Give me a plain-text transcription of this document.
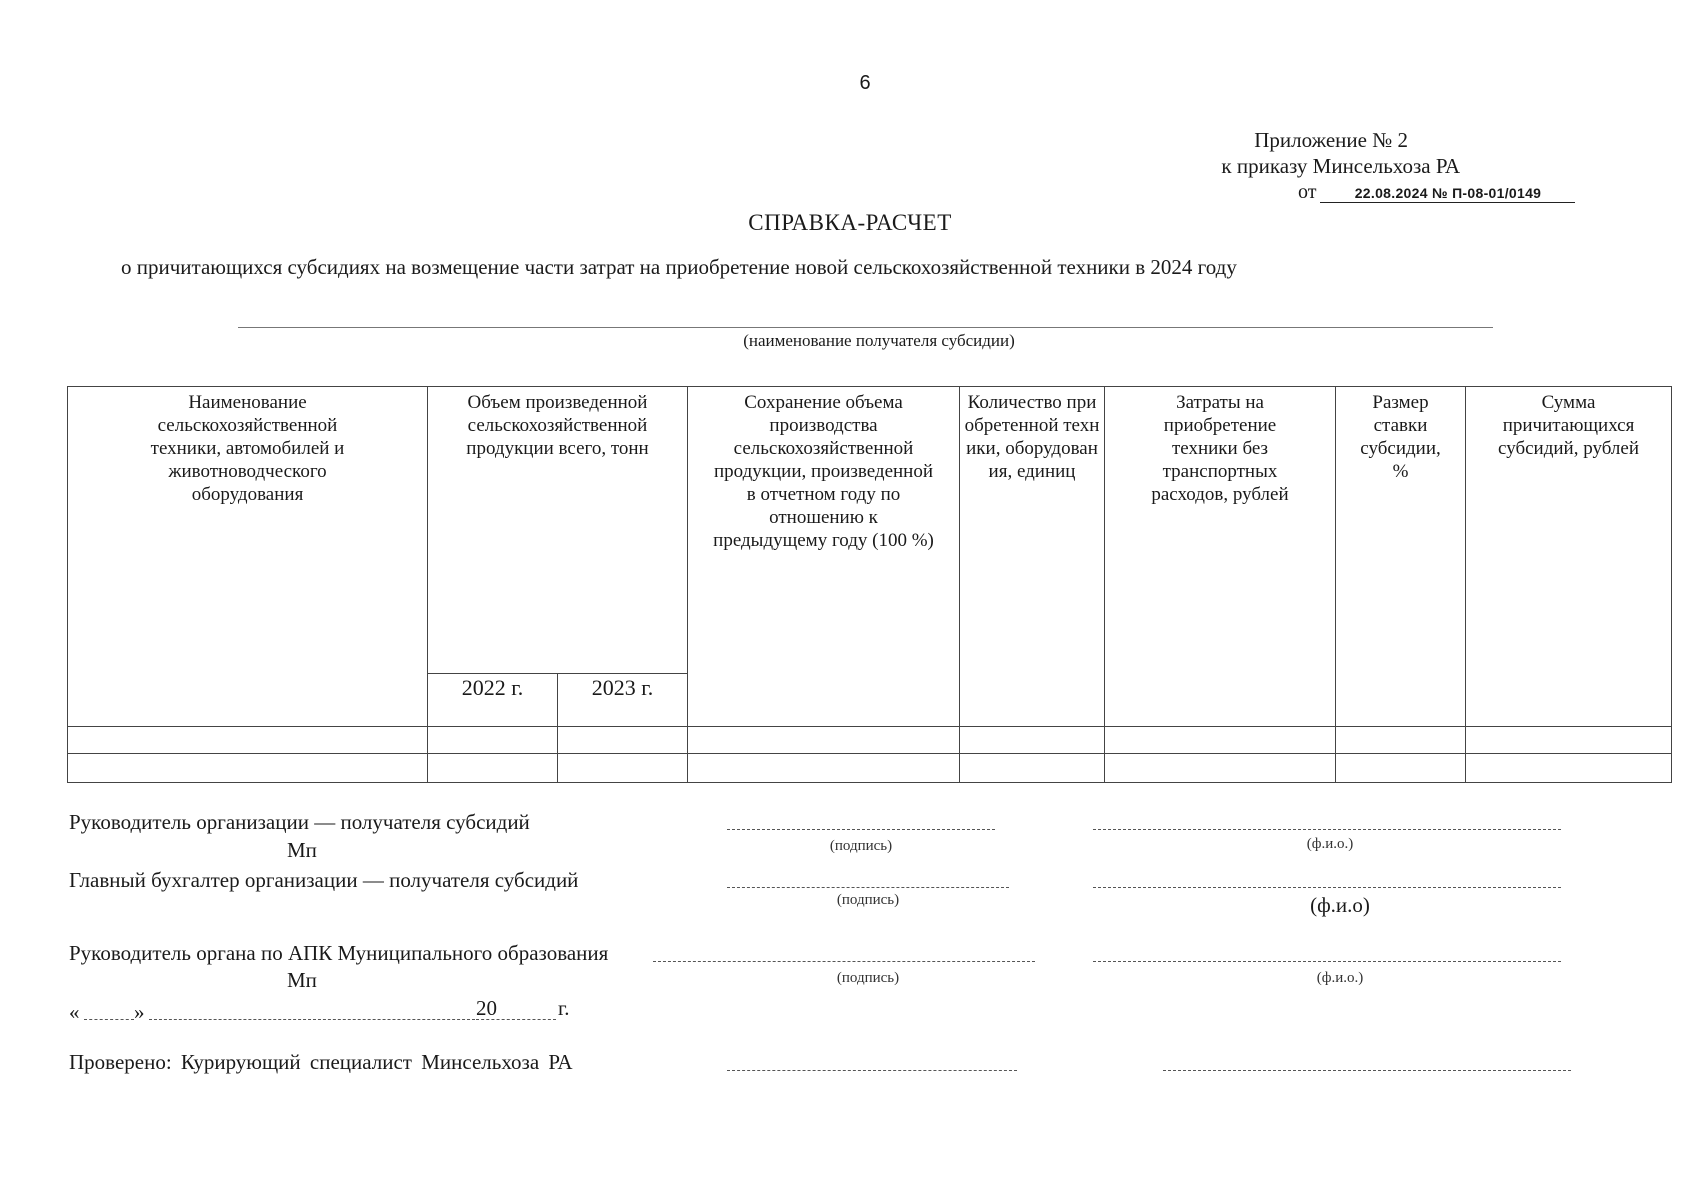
6
Приложение № 2
к приказу Минсельхоза РА
от	22.08.2024 № П-08-01/0149
СПРАВКА-РАСЧЕТ
о причитающихся субсидиях на возмещение части затрат на приобретение новой сельскохозяйственной техники в 2024 году
(наименование получателя субсидии)
Наименование сельскохозяйственной техники, автомобилей и животноводческого оборудования	Объем произведенной сельскохозяйственной продукции всего, тонн		Сохранение объема производства сельскохозяйственной продукции, произведенной в отчетном году по отношению к предыдущему году (100 %)	Количество приобретенной техники, оборудования, единиц	Затраты на приобретение техники без транспортных расходов, рублей	Размер ставки субсидии, %	Сумма причитающихся субсидий, рублей
	2022 г.	2023 г.					

Руководитель организации — получателя субсидий
Мп	(подпись)	(ф.и.о.)
Главный бухгалтер организации — получателя субсидий
(подпись)	(ф.и.о)
Руководитель органа по АПК Муниципального образования
Мп	(подпись)	(ф.и.о.)
«	»	20	г.
Проверено: Курирующий специалист Минсельхоза РА
